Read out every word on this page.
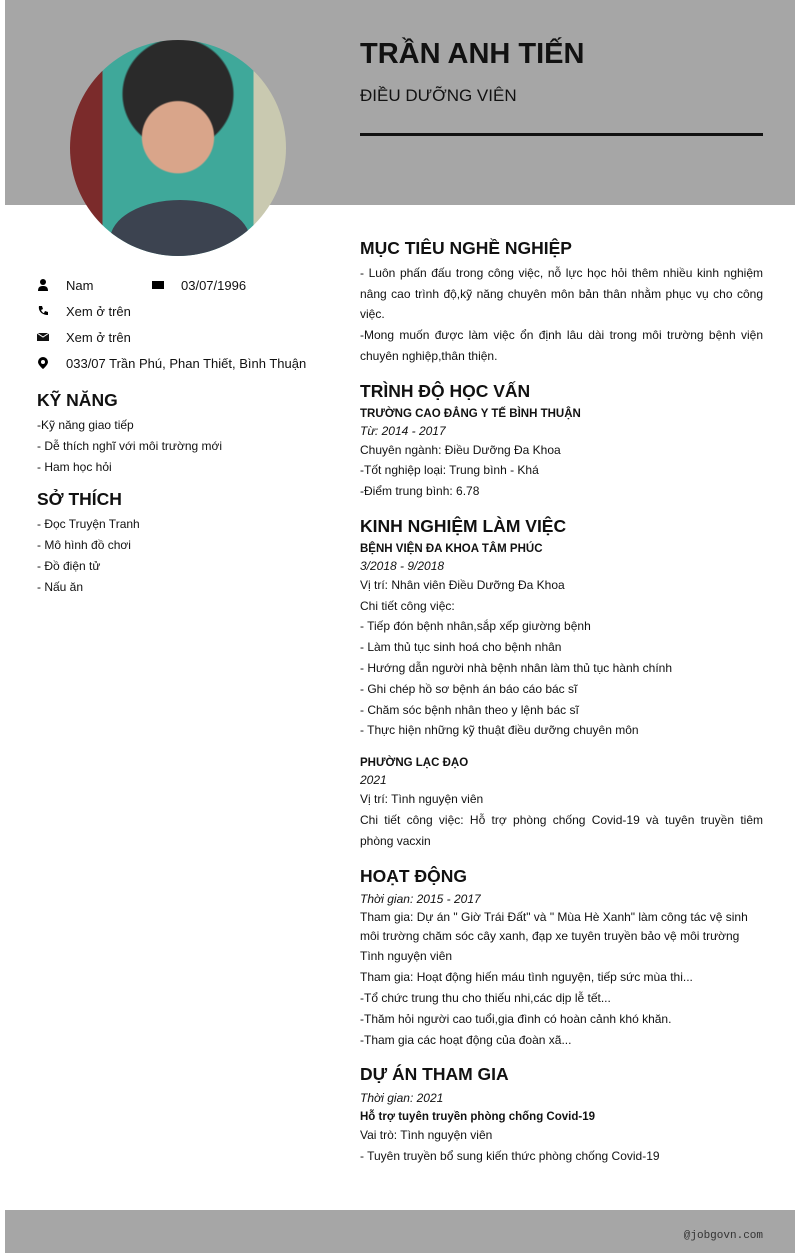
TRẦN ANH TIẾN
ĐIỀU DƯỠNG VIÊN
Nam	03/07/1996
Xem ở trên
Xem ở trên
033/07 Trần Phú, Phan Thiết, Bình Thuận
KỸ NĂNG
-Kỹ năng giao tiếp
- Dễ thích nghĩ với môi trường mới
- Ham học hỏi
SỞ THÍCH
- Đọc Truyện Tranh
- Mô hình đồ chơi
- Đồ điện tử
- Nấu ăn
MỤC TIÊU NGHỀ NGHIỆP
- Luôn phấn đấu trong công việc, nỗ lực học hỏi thêm nhiều kinh nghiệm nâng cao trình độ,kỹ năng chuyên môn bản thân nhằm phục vụ cho công việc.
-Mong muốn được làm việc ổn định lâu dài trong môi trường bệnh viện chuyên nghiệp,thân thiện.
TRÌNH ĐỘ HỌC VẤN
TRƯỜNG CAO ĐẲNG Y TẾ BÌNH THUẬN
Từ: 2014 - 2017
Chuyên ngành: Điều Dưỡng Đa Khoa
-Tốt nghiệp loại: Trung bình - Khá
-Điểm trung bình: 6.78
KINH NGHIỆM LÀM VIỆC
BỆNH VIỆN ĐA KHOA TÂM PHÚC
3/2018 - 9/2018
Vị trí: Nhân viên Điều Dưỡng Đa Khoa
Chi tiết công việc:
- Tiếp đón bệnh nhân,sắp xếp giường bệnh
- Làm thủ tục sinh hoá cho bệnh nhân
- Hướng dẫn người nhà bệnh nhân làm thủ tục hành chính
- Ghi chép hồ sơ bệnh án báo cáo bác sĩ
- Chăm sóc bệnh nhân theo y lệnh bác sĩ
- Thực hiện những kỹ thuật điều dưỡng chuyên môn
PHƯỜNG LẠC ĐẠO
2021
Vị trí: Tình nguyện viên
Chi tiết công việc: Hỗ trợ phòng chống Covid-19 và tuyên truyền tiêm phòng vacxin
HOẠT ĐỘNG
Thời gian: 2015 - 2017
Tham gia: Dự án " Giờ Trái Đất" và " Mùa Hè Xanh" làm công tác vệ sinh môi trường chăm sóc cây xanh, đạp xe tuyên truyền bảo vệ môi trường
Tình nguyện viên
Tham gia: Hoạt động hiến máu tình nguyện, tiếp sức mùa thi...
-Tổ chức trung thu cho thiếu nhi,các dịp lễ tết...
-Thăm hỏi người cao tuổi,gia đình có hoàn cảnh khó khăn.
-Tham gia các hoạt động của đoàn xã...
DỰ ÁN THAM GIA
Thời gian: 2021
Hỗ trợ tuyên truyền phòng chống Covid-19
Vai trò: Tình nguyện viên
- Tuyên truyền bổ sung kiến thức phòng chống Covid-19
@jobgovn.com
